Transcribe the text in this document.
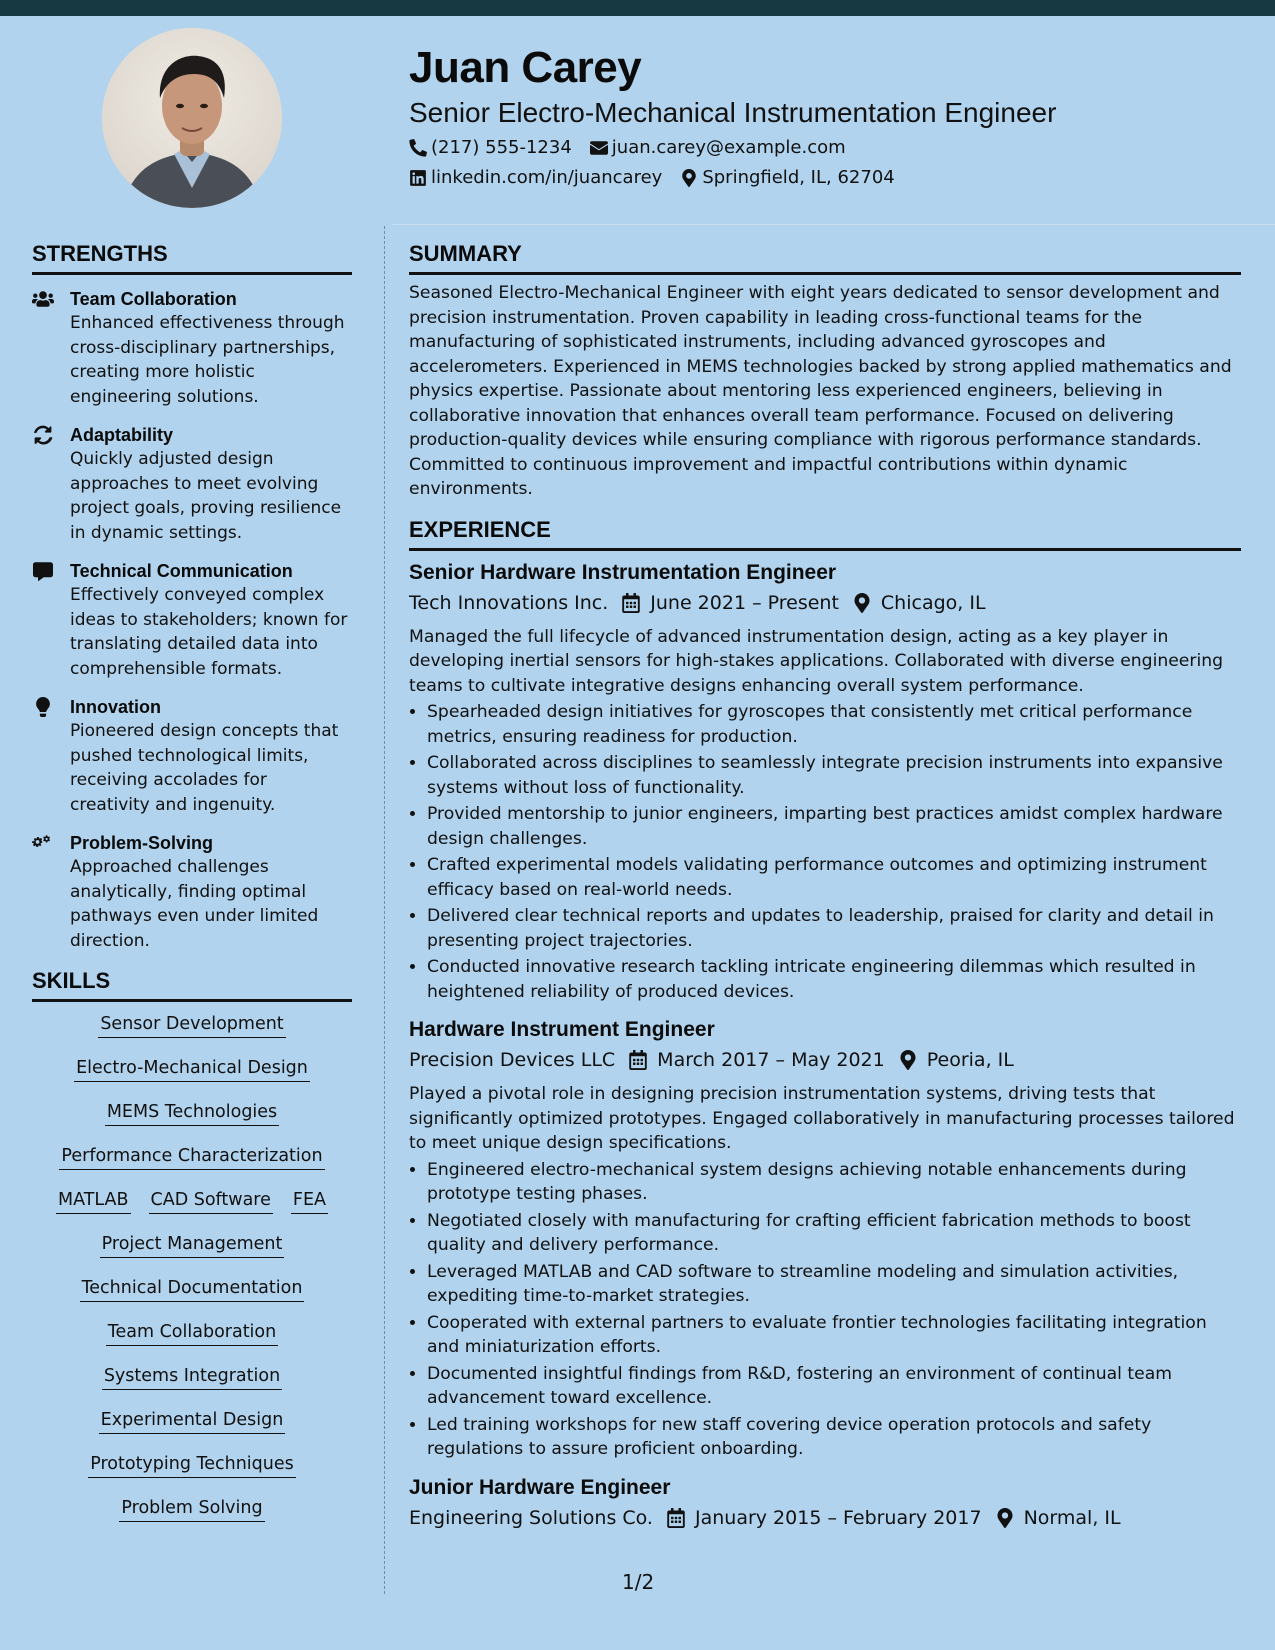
Juan Carey
Senior Electro-Mechanical Instrumentation Engineer
(217) 555-1234 juan.carey@example.com
linkedin.com/in/juancarey Springfield, IL, 62704
STRENGTHS
Team Collaboration
Enhanced effectiveness through cross-disciplinary partnerships, creating more holistic engineering solutions.
Adaptability
Quickly adjusted design approaches to meet evolving project goals, proving resilience in dynamic settings.
Technical Communication
Effectively conveyed complex ideas to stakeholders; known for translating detailed data into comprehensible formats.
Innovation
Pioneered design concepts that pushed technological limits, receiving accolades for creativity and ingenuity.
Problem-Solving
Approached challenges analytically, finding optimal pathways even under limited direction.
SKILLS
Sensor Development
Electro-Mechanical Design
MEMS Technologies
Performance Characterization
MATLAB CAD Software FEA
Project Management
Technical Documentation
Team Collaboration
Systems Integration
Experimental Design
Prototyping Techniques
Problem Solving
SUMMARY
Seasoned Electro-Mechanical Engineer with eight years dedicated to sensor development and precision instrumentation. Proven capability in leading cross-functional teams for the manufacturing of sophisticated instruments, including advanced gyroscopes and accelerometers. Experienced in MEMS technologies backed by strong applied mathematics and physics expertise. Passionate about mentoring less experienced engineers, believing in collaborative innovation that enhances overall team performance. Focused on delivering production-quality devices while ensuring compliance with rigorous performance standards. Committed to continuous improvement and impactful contributions within dynamic environments.
EXPERIENCE
Senior Hardware Instrumentation Engineer
Tech Innovations Inc. June 2021 – Present Chicago, IL
Managed the full lifecycle of advanced instrumentation design, acting as a key player in developing inertial sensors for high-stakes applications. Collaborated with diverse engineering teams to cultivate integrative designs enhancing overall system performance.
• Spearheaded design initiatives for gyroscopes that consistently met critical performance metrics, ensuring readiness for production.
• Collaborated across disciplines to seamlessly integrate precision instruments into expansive systems without loss of functionality.
• Provided mentorship to junior engineers, imparting best practices amidst complex hardware design challenges.
• Crafted experimental models validating performance outcomes and optimizing instrument efficacy based on real-world needs.
• Delivered clear technical reports and updates to leadership, praised for clarity and detail in presenting project trajectories.
• Conducted innovative research tackling intricate engineering dilemmas which resulted in heightened reliability of produced devices.
Hardware Instrument Engineer
Precision Devices LLC March 2017 – May 2021 Peoria, IL
Played a pivotal role in designing precision instrumentation systems, driving tests that significantly optimized prototypes. Engaged collaboratively in manufacturing processes tailored to meet unique design specifications.
• Engineered electro-mechanical system designs achieving notable enhancements during prototype testing phases.
• Negotiated closely with manufacturing for crafting efficient fabrication methods to boost quality and delivery performance.
• Leveraged MATLAB and CAD software to streamline modeling and simulation activities, expediting time-to-market strategies.
• Cooperated with external partners to evaluate frontier technologies facilitating integration and miniaturization efforts.
• Documented insightful findings from R&D, fostering an environment of continual team advancement toward excellence.
• Led training workshops for new staff covering device operation protocols and safety regulations to assure proficient onboarding.
Junior Hardware Engineer
Engineering Solutions Co. January 2015 – February 2017 Normal, IL
1/2
